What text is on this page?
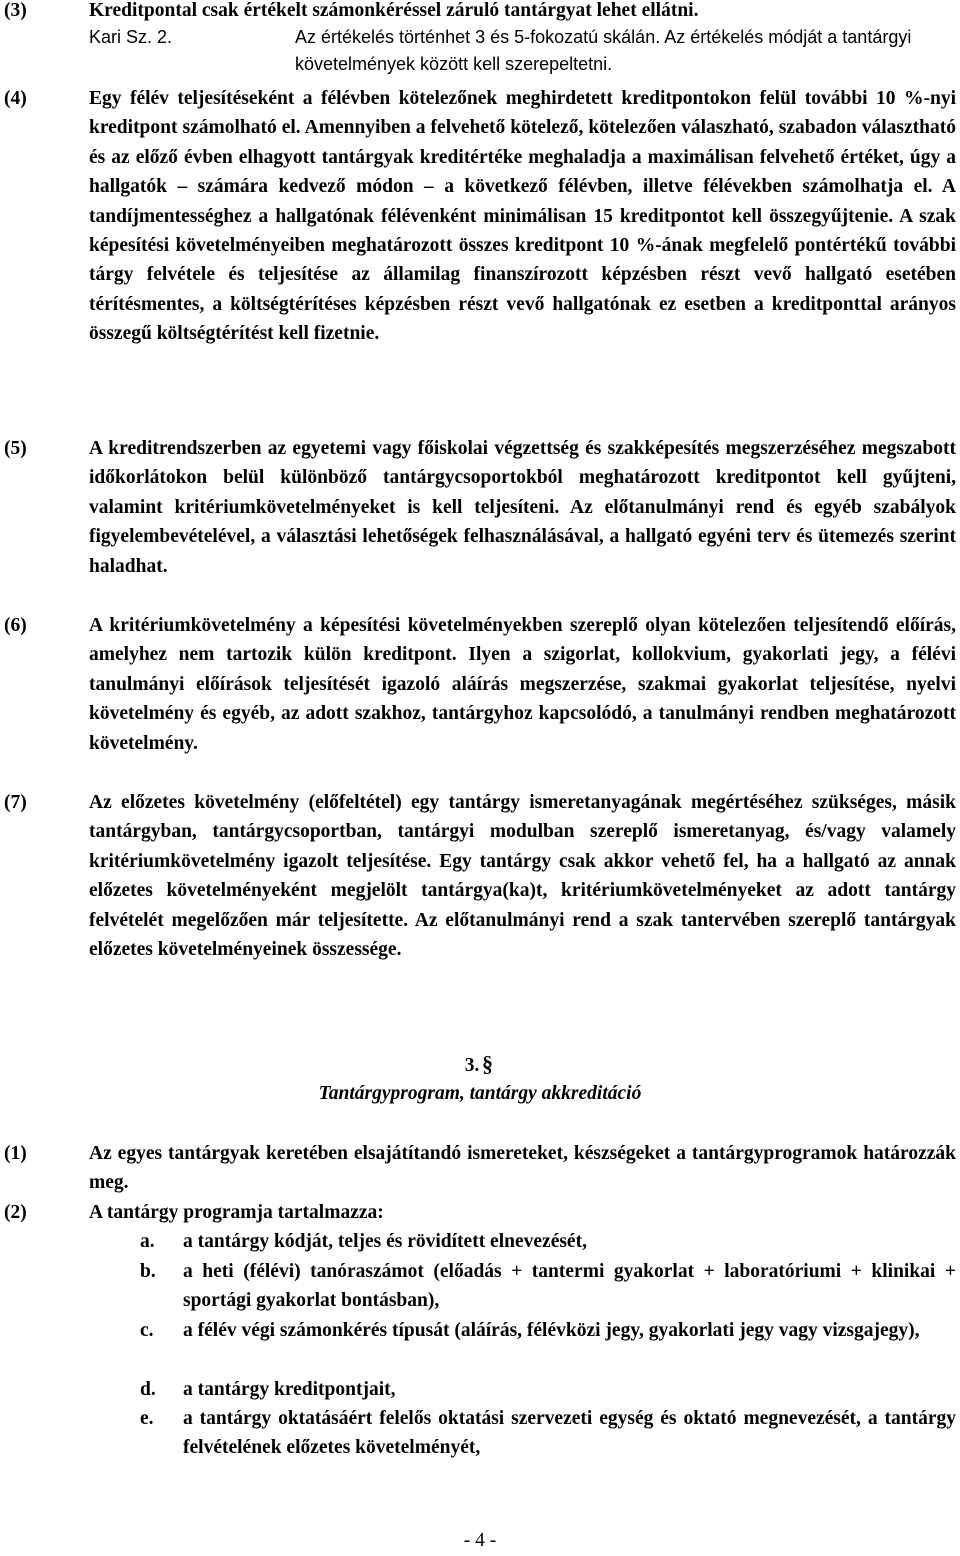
(3)	Kreditpontal csak értékelt számonkéréssel záruló tantárgyat lehet ellátni.
Kari Sz. 2.	Az értékelés történhet 3 és 5-fokozatú skálán. Az értékelés módját a tantárgyi követelmények között kell szerepeltetni.
(4)	Egy félév teljesítéseként a félévben kötelezőnek meghirdetett kreditpontokon felül további 10 %-nyi kreditpont számolható el. Amennyiben a felvehető kötelező, kötelezően válaszható, szabadon választható és az előző évben elhagyott tantárgyak kreditértéke meghaladja a maximálisan felvehető értéket, úgy a hallgatók – számára kedvező módon – a következő félévben, illetve félévekben számolhatja el. A tandíjmentességhez a hallgatónak félévenként minimálisan 15 kreditpontot kell összegyűjtenie. A szak képesítési követelményeiben meghatározott összes kreditpont 10 %-ának megfelelő pontértékű további tárgy felvétele és teljesítése az államilag finanszírozott képzésben részt vevő hallgató esetében térítésmentes, a költségtérítéses képzésben részt vevő hallgatónak ez esetben a kreditponttal arányos összegű költségtérítést kell fizetnie.
(5)	A kreditrendszerben az egyetemi vagy főiskolai végzettség és szakképesítés megszerzéséhez megszabott időkorlátokon belül különböző tantárgycsoportokból meghatározott kreditpontot kell gyűjteni, valamint kritériumkövetelményeket is kell teljesíteni. Az előtanulmányi rend és egyéb szabályok figyelembevételével, a választási lehetőségek felhasználásával, a hallgató egyéni terv és ütemezés szerint haladhat.
(6)	A kritériumkövetelmény a képesítési követelményekben szereplő olyan kötelezően teljesítendő előírás, amelyhez nem tartozik külön kreditpont. Ilyen a szigorlat, kollokvium, gyakorlati jegy, a félévi tanulmányi előírások teljesítését igazoló aláírás megszerzése, szakmai gyakorlat teljesítése, nyelvi követelmény és egyéb, az adott szakhoz, tantárgyhoz kapcsolódó, a tanulmányi rendben meghatározott követelmény.
(7)	Az előzetes követelmény (előfeltétel) egy tantárgy ismeretanyagának megértéséhez szükséges, másik tantárgyban, tantárgycsoportban, tantárgyi modulban szereplő ismeretanyag, és/vagy valamely kritériumkövetelmény igazolt teljesítése. Egy tantárgy csak akkor vehető fel, ha a hallgató az annak előzetes követelményeként megjelölt tantárgya(ka)t, kritériumkövetelményeket az adott tantárgy felvételét megelőzően már teljesítette. Az előtanulmányi rend a szak tantervében szereplő tantárgyak előzetes követelményeinek összessége.
3. §
Tantárgyprogram, tantárgy akkreditáció
(1)	Az egyes tantárgyak keretében elsajátítandó ismereteket, készségeket a tantárgyprogramok határozzák meg.
(2)	A tantárgy programja tartalmazza:
a. a tantárgy kódját, teljes és rövidített elnevezését,
b. a heti (félévi) tanóraszámot (előadás + tantermi gyakorlat + laboratóriumi + klinikai + sportági gyakorlat bontásban),
c. a félév végi számonkérés típusát (aláírás, félévközi jegy, gyakorlati jegy vagy vizsgajegy),
d. a tantárgy kreditpontjait,
e. a tantárgy oktatásáért felelős oktatási szervezeti egység és oktató megnevezését, a tantárgy felvételének előzetes követelményét,
- 4 -
